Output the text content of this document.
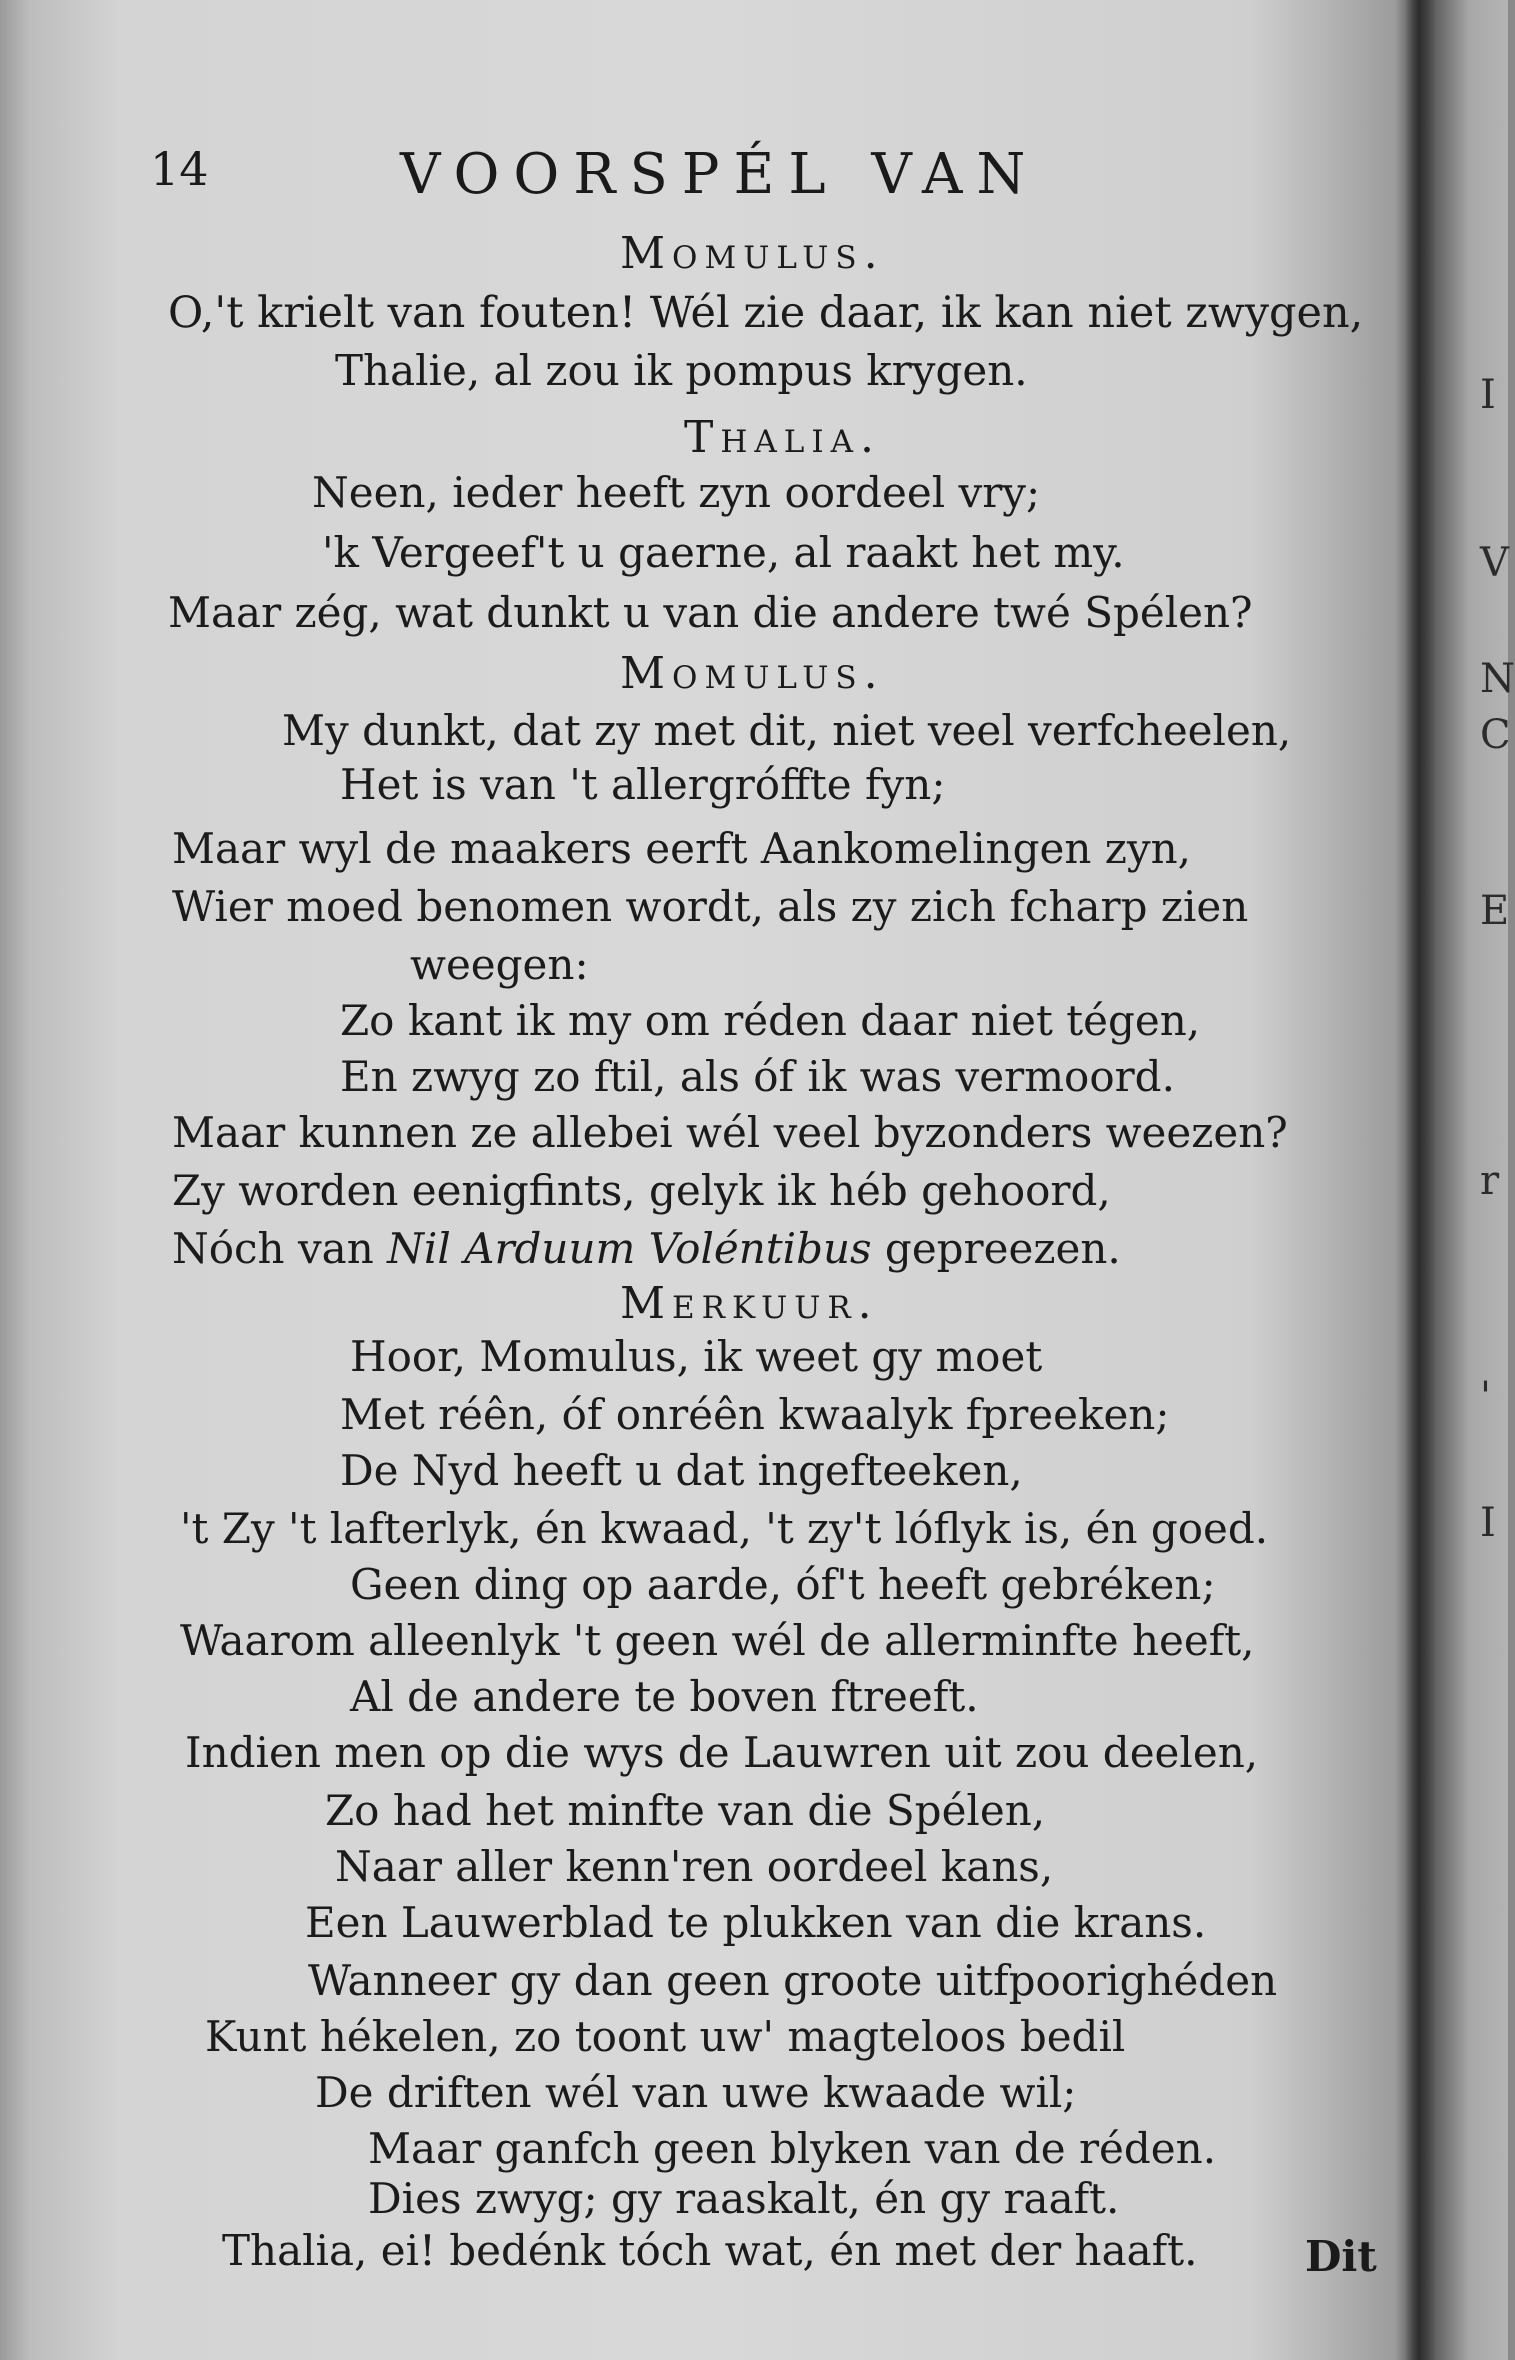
14	VOORSPÉL VAN
Momulus.
O,'t krielt van fouten! Wél zie daar, ik kan niet zwygen,
Thalie, al zou ik pompus krygen.
Thalia.
Neen, ieder heeft zyn oordeel vry;
'k Vergeef't u gaerne, al raakt het my.
Maar zég, wat dunkt u van die andere twé Spélen?
Momulus.
My dunkt, dat zy met dit, niet veel verfcheelen,
Het is van 't allergróffte fyn;
Maar wyl de maakers eerft Aankomelingen zyn,
Wier moed benomen wordt, als zy zich fcharp zien
weegen:
Zo kant ik my om réden daar niet tégen,
En zwyg zo ftil, als óf ik was vermoord.
Maar kunnen ze allebei wél veel byzonders weezen?
Zy worden eenigfints, gelyk ik héb gehoord,
Nóch van Nil Arduum Voléntibus gepreezen.
Merkuur.
Hoor, Momulus, ik weet gy moet
Met réên, óf onréên kwaalyk fpreeken;
De Nyd heeft u dat ingefteeken,
't Zy 't lafterlyk, én kwaad, 't zy't lóflyk is, én goed.
Geen ding op aarde, óf't heeft gebréken;
Waarom alleenlyk 't geen wél de allerminfte heeft,
Al de andere te boven ftreeft.
Indien men op die wys de Lauwren uit zou deelen,
Zo had het minfte van die Spélen,
Naar aller kenn'ren oordeel kans,
Een Lauwerblad te plukken van die krans.
Wanneer gy dan geen groote uitfpoorighéden
Kunt hékelen, zo toont uw' magteloos bedil
De driften wél van uwe kwaade wil;
Maar ganfch geen blyken van de réden.
Dies zwyg; gy raaskalt, én gy raaft.
Thalia, ei! bedénk tóch wat, én met der haaft.	Dit
I
V
N
C
E
r
'
I
